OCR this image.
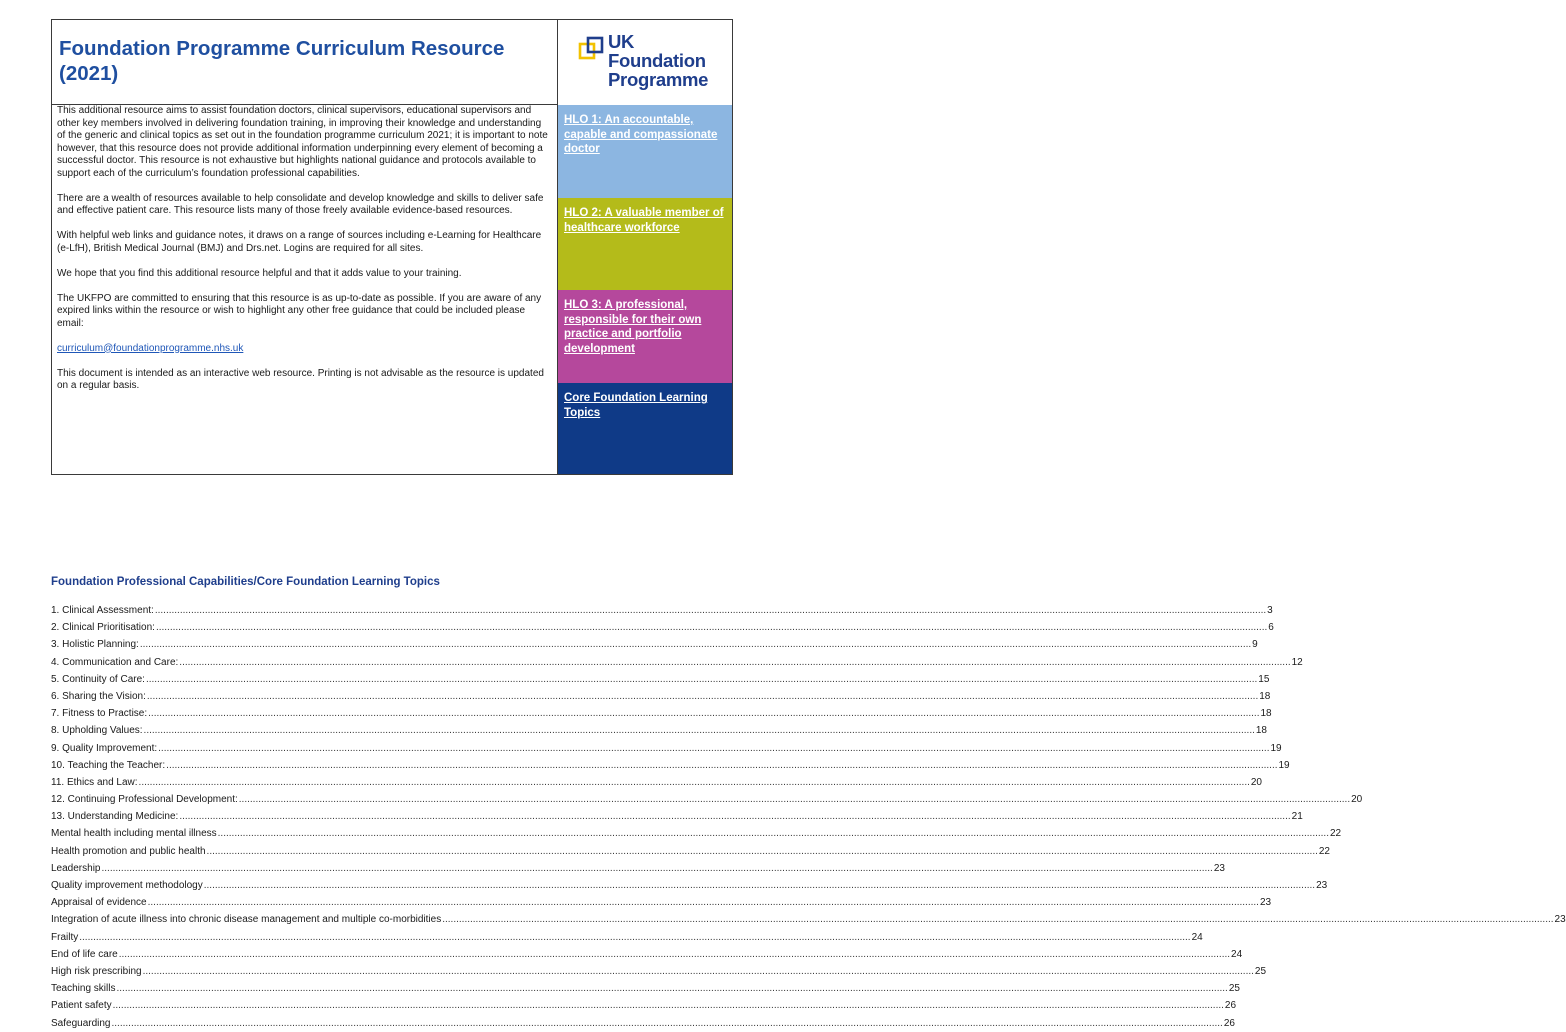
Foundation Programme Curriculum Resource (2021)
UK
Foundation
Programme

This additional resource aims to assist foundation doctors, clinical supervisors, educational supervisors and other key members involved in delivering foundation training, in improving their knowledge and understanding of the generic and clinical topics as set out in the foundation programme curriculum 2021; it is important to note however, that this resource does not provide additional information underpinning every element of becoming a successful doctor. This resource is not exhaustive but highlights national guidance and protocols available to support each of the curriculum’s foundation professional capabilities.

There are a wealth of resources available to help consolidate and develop knowledge and skills to deliver safe and effective patient care. This resource lists many of those freely available evidence-based resources.

With helpful web links and guidance notes, it draws on a range of sources including e-Learning for Healthcare (e-LfH), British Medical Journal (BMJ) and Drs.net. Logins are required for all sites.

We hope that you find this additional resource helpful and that it adds value to your training.

The UKFPO are committed to ensuring that this resource is as up-to-date as possible. If you are aware of any expired links within the resource or wish to highlight any other free guidance that could be included please email:

curriculum@foundationprogramme.nhs.uk

This document is intended as an interactive web resource. Printing is not advisable as the resource is updated on a regular basis.

HLO 1: An accountable, capable and compassionate doctor
HLO 2: A valuable member of healthcare workforce
HLO 3: A professional, responsible for their own practice and portfolio development
Core Foundation Learning Topics
Foundation Professional Capabilities/Core Foundation Learning Topics
1. Clinical Assessment: ................................................................................................................................................................................................................................................................................................................................................................................................................ 3
2. Clinical Prioritisation: ................................................................................................................................................................................................................................................................................................................................................................................................................ 6
3. Holistic Planning: ................................................................................................................................................................................................................................................................................................................................................................................................................ 9
4. Communication and Care: ................................................................................................................................................................................................................................................................................................................................................................................................................ 12
5. Continuity of Care: ................................................................................................................................................................................................................................................................................................................................................................................................................ 15
6. Sharing the Vision: ................................................................................................................................................................................................................................................................................................................................................................................................................ 18
7. Fitness to Practise: ................................................................................................................................................................................................................................................................................................................................................................................................................ 18
8. Upholding Values: ................................................................................................................................................................................................................................................................................................................................................................................................................ 18
9. Quality Improvement: ................................................................................................................................................................................................................................................................................................................................................................................................................ 19
10. Teaching the Teacher: ................................................................................................................................................................................................................................................................................................................................................................................................................ 19
11. Ethics and Law: ................................................................................................................................................................................................................................................................................................................................................................................................................ 20
12. Continuing Professional Development: ................................................................................................................................................................................................................................................................................................................................................................................................................ 20
13. Understanding Medicine: ................................................................................................................................................................................................................................................................................................................................................................................................................ 21
Mental health including mental illness ................................................................................................................................................................................................................................................................................................................................................................................................................ 22
Health promotion and public health ................................................................................................................................................................................................................................................................................................................................................................................................................ 22
Leadership ................................................................................................................................................................................................................................................................................................................................................................................................................ 23
Quality improvement methodology ................................................................................................................................................................................................................................................................................................................................................................................................................ 23
Appraisal of evidence ................................................................................................................................................................................................................................................................................................................................................................................................................ 23
Integration of acute illness into chronic disease management and multiple co-morbidities ................................................................................................................................................................................................................................................................................................................................................................................................................ 23
Frailty ................................................................................................................................................................................................................................................................................................................................................................................................................ 24
End of life care ................................................................................................................................................................................................................................................................................................................................................................................................................ 24
High risk prescribing ................................................................................................................................................................................................................................................................................................................................................................................................................ 25
Teaching skills ................................................................................................................................................................................................................................................................................................................................................................................................................ 25
Patient safety ................................................................................................................................................................................................................................................................................................................................................................................................................ 26
Safeguarding ................................................................................................................................................................................................................................................................................................................................................................................................................ 26
